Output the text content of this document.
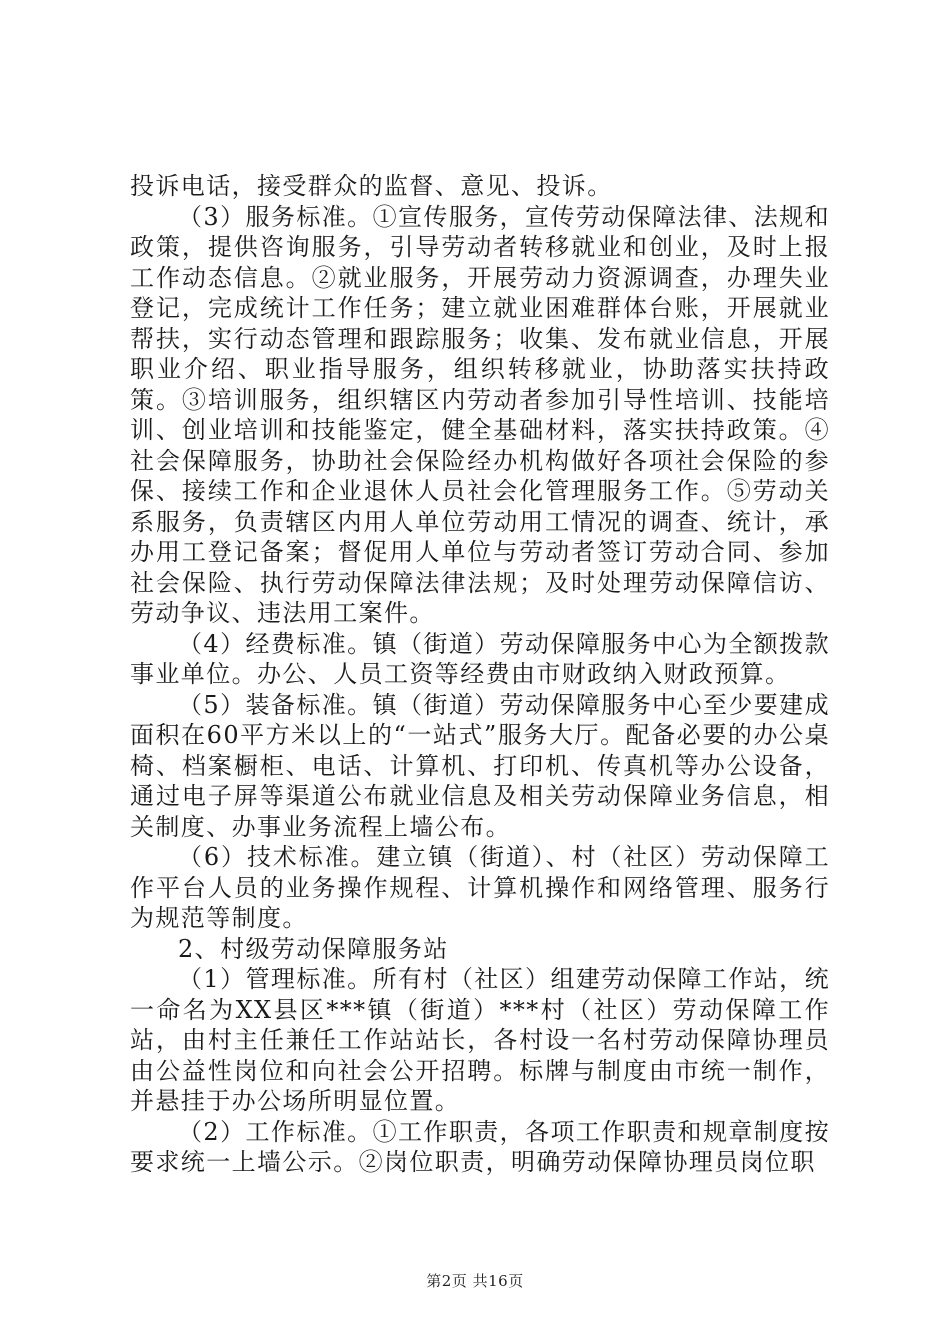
投诉电话，接受群众的监督、意见、投诉。

（3）服务标准。①宣传服务，宣传劳动保障法律、法规和政策，提供咨询服务，引导劳动者转移就业和创业，及时上报工作动态信息。②就业服务，开展劳动力资源调查，办理失业登记，完成统计工作任务；建立就业困难群体台账，开展就业帮扶，实行动态管理和跟踪服务；收集、发布就业信息，开展职业介绍、职业指导服务，组织转移就业，协助落实扶持政策。③培训服务，组织辖区内劳动者参加引导性培训、技能培训、创业培训和技能鉴定，健全基础材料，落实扶持政策。④社会保障服务，协助社会保险经办机构做好各项社会保险的参保、接续工作和企业退休人员社会化管理服务工作。⑤劳动关系服务，负责辖区内用人单位劳动用工情况的调查、统计，承办用工登记备案；督促用人单位与劳动者签订劳动合同、参加社会保险、执行劳动保障法律法规；及时处理劳动保障信访、劳动争议、违法用工案件。

（4）经费标准。镇（街道）劳动保障服务中心为全额拨款事业单位。办公、人员工资等经费由市财政纳入财政预算。

（5）装备标准。镇（街道）劳动保障服务中心至少要建成面积在60平方米以上的“一站式”服务大厅。配备必要的办公桌椅、档案橱柜、电话、计算机、打印机、传真机等办公设备，通过电子屏等渠道公布就业信息及相关劳动保障业务信息，相关制度、办事业务流程上墙公布。

（6）技术标准。建立镇（街道）、村（社区）劳动保障工作平台人员的业务操作规程、计算机操作和网络管理、服务行为规范等制度。

2、村级劳动保障服务站

（1）管理标准。所有村（社区）组建劳动保障工作站，统一命名为XX县区***镇（街道）***村（社区）劳动保障工作站，由村主任兼任工作站站长，各村设一名村劳动保障协理员由公益性岗位和向社会公开招聘。标牌与制度由市统一制作，并悬挂于办公场所明显位置。

（2）工作标准。①工作职责，各项工作职责和规章制度按要求统一上墙公示。②岗位职责，明确劳动保障协理员岗位职

第2页 共16页
